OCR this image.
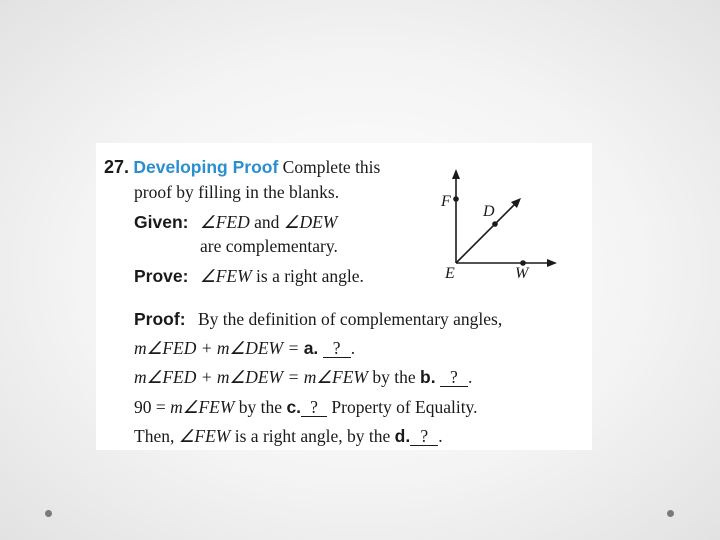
27. Developing Proof Complete this
proof by filling in the blanks.
Given: ∠FED and ∠DEW
are complementary.
Prove: ∠FEW is a right angle.
Proof: By the definition of complementary angles,
m∠FED + m∠DEW = a. ? .
m∠FED + m∠DEW = m∠FEW by the b. ? .
90 = m∠FEW by the c. ? Property of Equality.
Then, ∠FEW is a right angle, by the d. ? .
F
D
E	W
